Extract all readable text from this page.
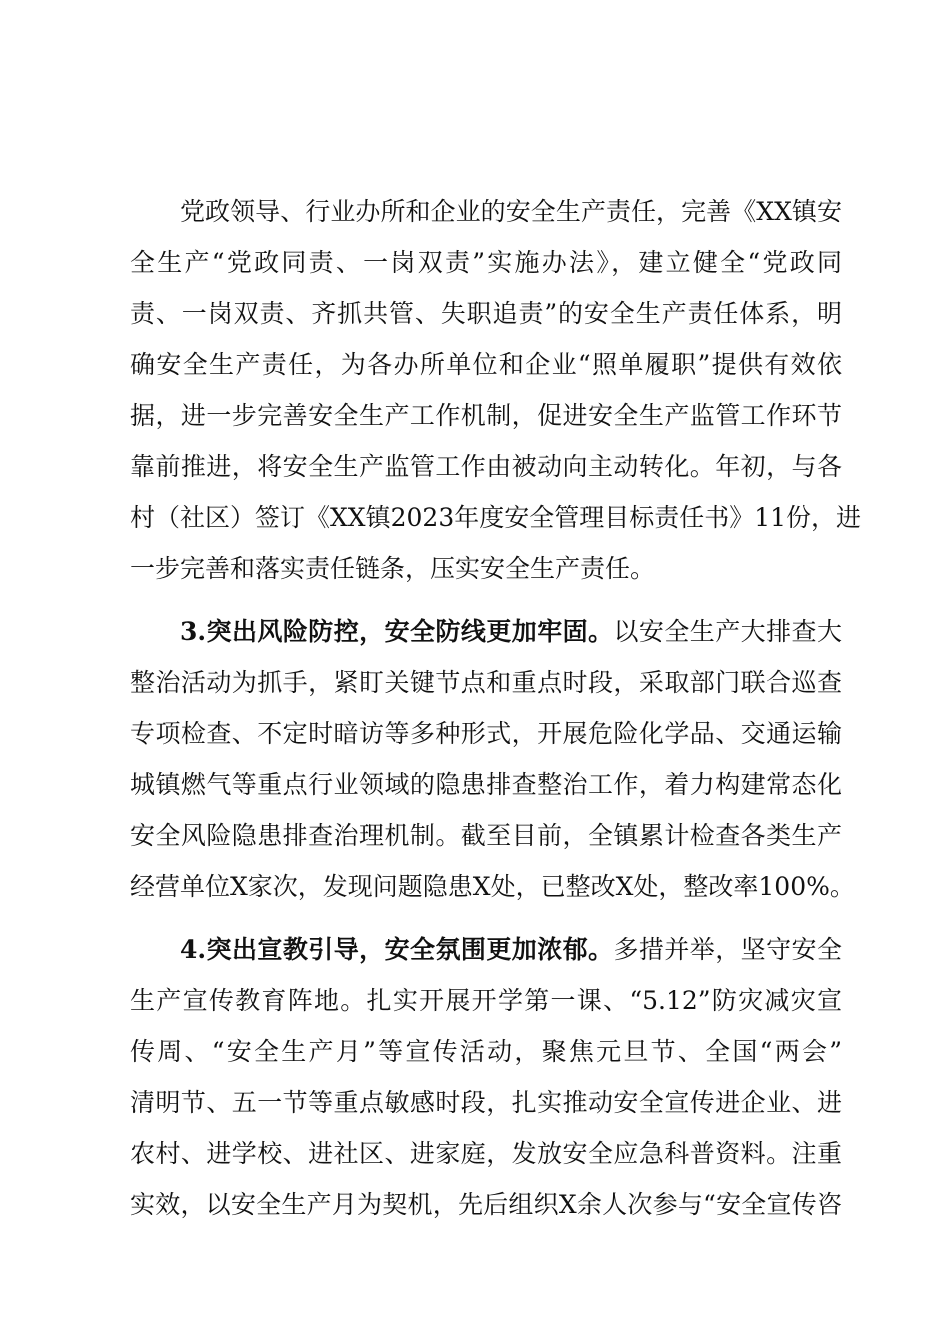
党政领导、行业办所和企业的安全生产责任，完善《XX镇安
全生产“党政同责、一岗双责”实施办法》，建立健全“党政同
责、一岗双责、齐抓共管、失职追责”的安全生产责任体系，明
确安全生产责任，为各办所单位和企业“照单履职”提供有效依
据，进一步完善安全生产工作机制，促进安全生产监管工作环节
靠前推进，将安全生产监管工作由被动向主动转化。年初，与各
村（社区）签订《XX镇2023年度安全管理目标责任书》11份，进
一步完善和落实责任链条，压实安全生产责任。
3.突出风险防控，安全防线更加牢固。以安全生产大排查大
整治活动为抓手，紧盯关键节点和重点时段，采取部门联合巡查
专项检查、不定时暗访等多种形式，开展危险化学品、交通运输
城镇燃气等重点行业领域的隐患排查整治工作，着力构建常态化
安全风险隐患排查治理机制。截至目前，全镇累计检查各类生产
经营单位X家次，发现问题隐患X处，已整改X处，整改率100%。
4.突出宣教引导，安全氛围更加浓郁。多措并举，坚守安全
生产宣传教育阵地。扎实开展开学第一课、“5.12”防灾减灾宣
传周、“安全生产月”等宣传活动，聚焦元旦节、全国“两会”
清明节、五一节等重点敏感时段，扎实推动安全宣传进企业、进
农村、进学校、进社区、进家庭，发放安全应急科普资料。注重
实效，以安全生产月为契机，先后组织X余人次参与“安全宣传咨
